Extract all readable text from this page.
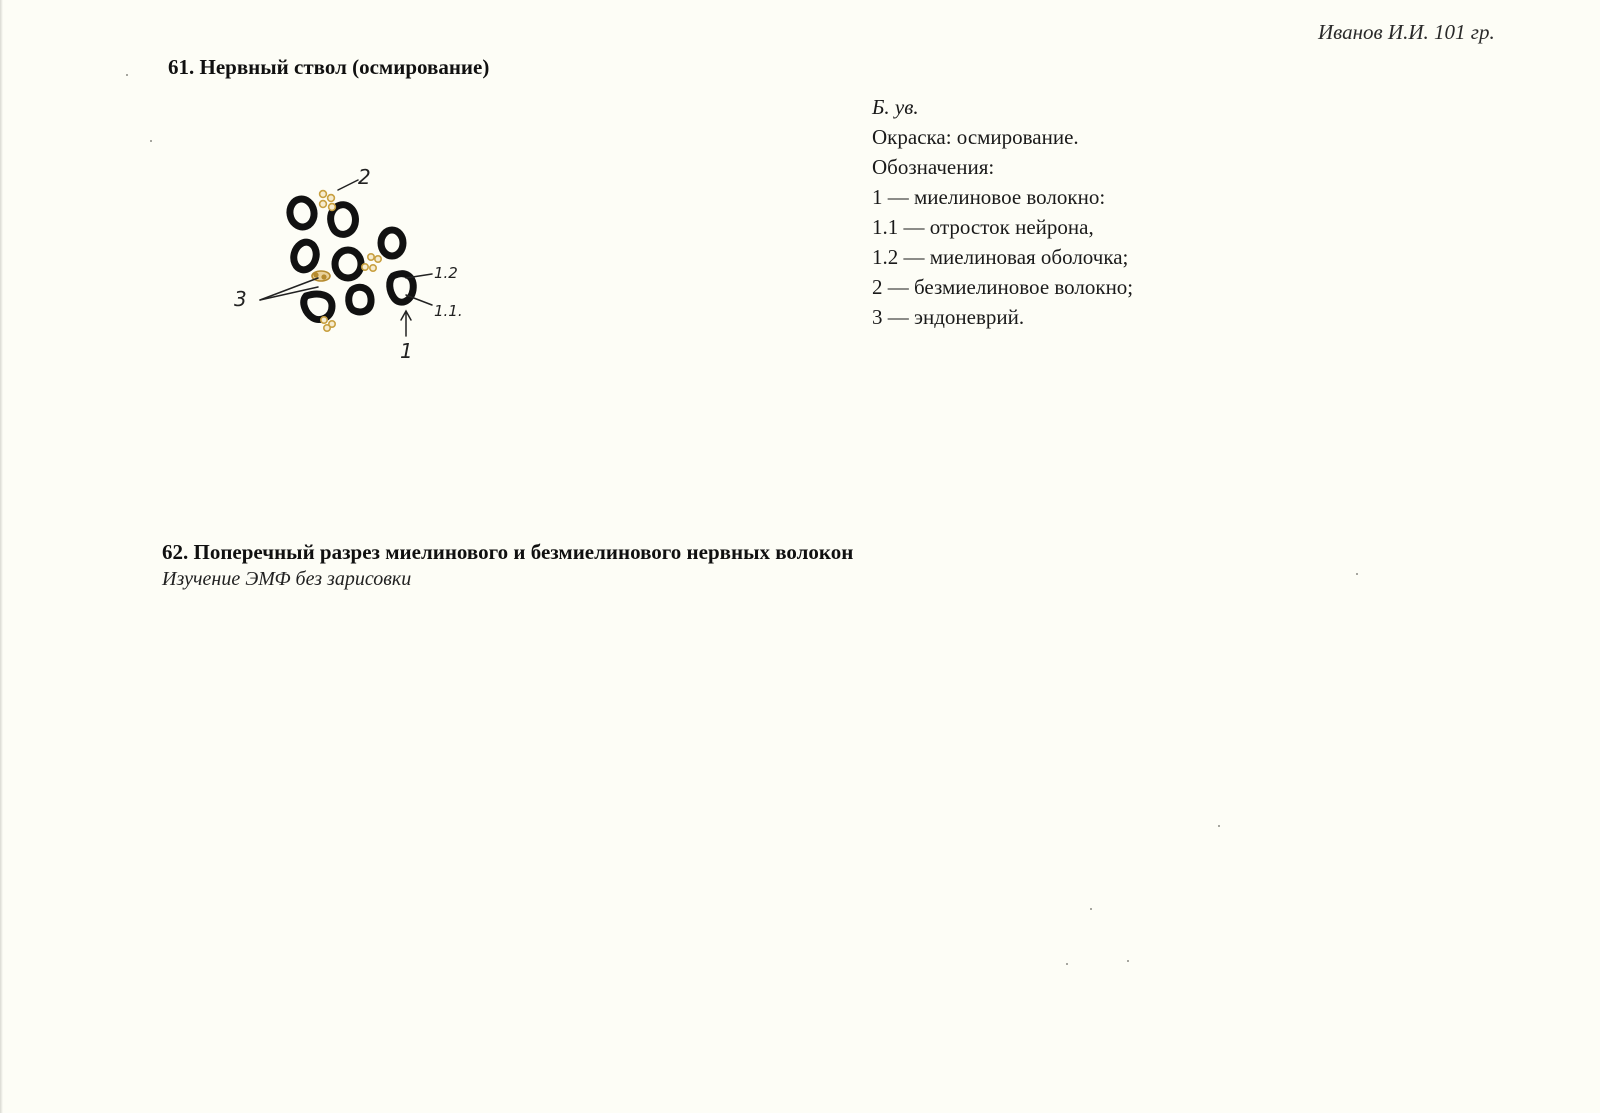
Иванов И.И. 101 гр.
61. Нервный ствол (осмирование)
2
3
1.2
1.1.
1
Б. ув.
Окраска: осмирование.
Обозначения:
1 — миелиновое волокно:
1.1 — отросток нейрона,
1.2 — миелиновая оболочка;
2 — безмиелиновое волокно;
3 — эндоневрий.
62. Поперечный разрез миелинового и безмиелинового нервных волокон
Изучение ЭМФ без зарисовки
